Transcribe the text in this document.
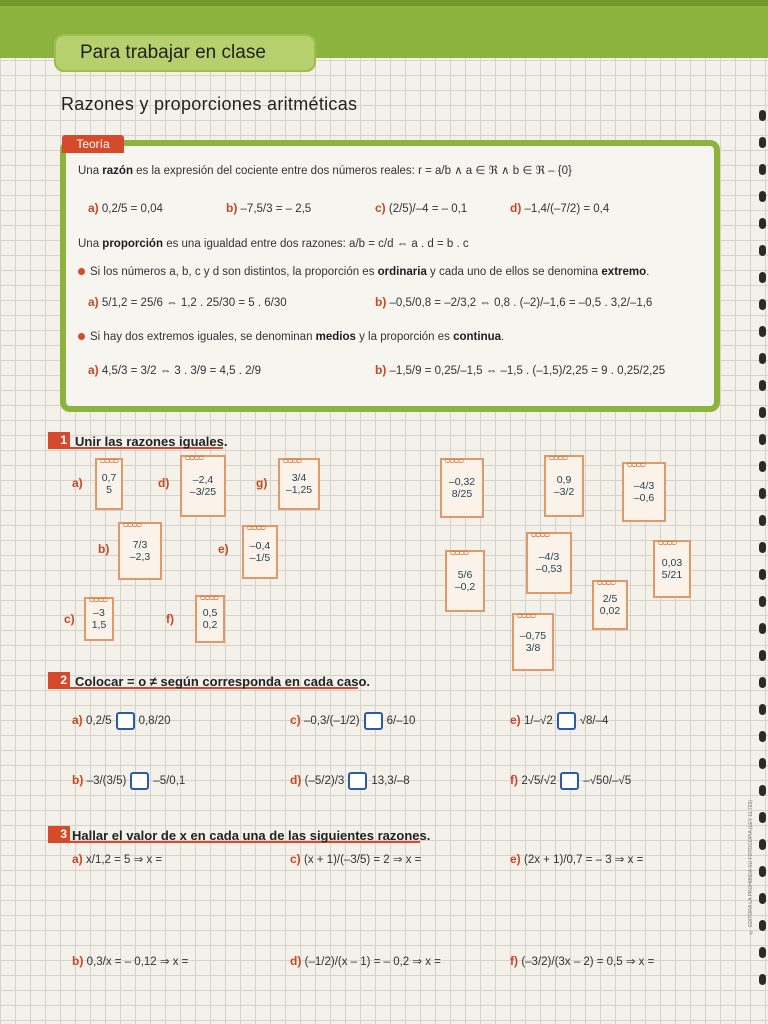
Para trabajar en clase
Razones y proporciones aritméticas
Teoría
Una razón es la expresión del cociente entre dos números reales: r = a/b ∧ a ∈ ℜ ∧ b ∈ ℜ – {0}
a) 0,2/5 = 0,04	b) –7,5/3 = – 2,5	c) (2/5)/–4 = – 0,1	d) –1,4/(–7/2) = 0,4
Una proporción es una igualdad entre dos razones: a/b = c/d ⇔ a . d = b . c
Si los números a, b, c y d son distintos, la proporción es ordinaria y cada uno de ellos se denomina extremo.
a) 5/1,2 = 25/6 ⇔ 1,2 . 25/30 = 5 . 6/30	b) –0,5/0,8 = –2/3,2 ⇔ 0,8 . (–2)/–1,6 = –0,5 . 3,2/–1,6
Si hay dos extremos iguales, se denominan medios y la proporción es continua.
a) 4,5/3 = 3/2 ⇔ 3 . 3/9 = 4,5 . 2/9	b) –1,5/9 = 0,25/–1,5 ⇔ –1,5 . (–1,5)/2,25 = 9 . 0,25/2,25
1 Unir las razones iguales.
a)
ᴑᴑᴑᴑ
0,7
5	d)
ᴑᴑᴑᴑ
–2,4
–3/25
g)
ᴑᴑᴑᴑ
3/4
–1,25
b)
ᴑᴑᴑᴑ
7/3
–2,3
e)
ᴑᴑᴑᴑ
–0,4
–1/5
c)
ᴑᴑᴑᴑ
–3
1,5	f)
ᴑᴑᴑᴑ
0,5
0,2
ᴑᴑᴑᴑ
–0,32
8/25
ᴑᴑᴑᴑ
0,9
–3/2
ᴑᴑᴑᴑ
–4/3
–0,6
ᴑᴑᴑᴑ
5/6
–0,2
ᴑᴑᴑᴑ
–4/3
–0,53
ᴑᴑᴑᴑ
0,03
5/21
ᴑᴑᴑᴑ
2/5
0,02
ᴑᴑᴑᴑ
–0,75
3/8
2 Colocar = o ≠ según corresponda en cada caso.
a) 0,2/5 0,8/20	c) –0,3/(–1/2) 6/–10	e) 1/–√2 √8/–4
b) –3/(3/5) –5/0,1	d) (–5/2)/3 13,3/–8	f) 2√5/√2 –√50/–√5
3 Hallar el valor de x en cada una de las siguientes razones.
a) x/1,2 = 5 ⇒ x =	c) (x + 1)/(–3/5) = 2 ⇒ x =	e) (2x + 1)/0,7 = – 3 ⇒ x =
b) 0,3/x = – 0,12 ⇒ x =	d) (–1/2)/(x – 1) = – 0,2 ⇒ x =	f) (–3/2)/(3x – 2) = 0,5 ⇒ x =
© EDITORA LA PROHIBIDA SU FOTOCOPIA (LEY 11.723)
